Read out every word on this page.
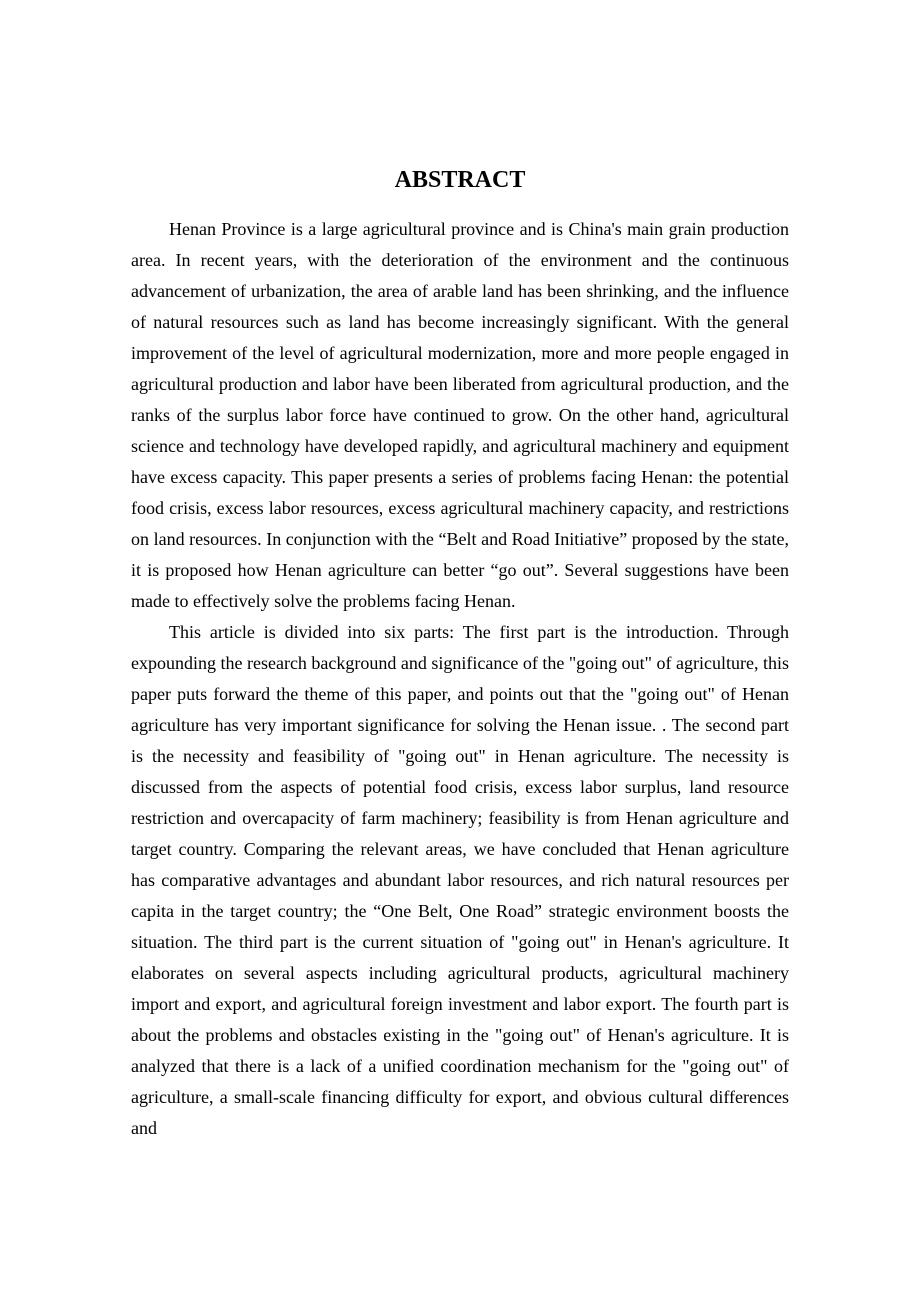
ABSTRACT

Henan Province is a large agricultural province and is China's main grain production area. In recent years, with the deterioration of the environment and the continuous advancement of urbanization, the area of arable land has been shrinking, and the influence of natural resources such as land has become increasingly significant. With the general improvement of the level of agricultural modernization, more and more people engaged in agricultural production and labor have been liberated from agricultural production, and the ranks of the surplus labor force have continued to grow. On the other hand, agricultural science and technology have developed rapidly, and agricultural machinery and equipment have excess capacity. This paper presents a series of problems facing Henan: the potential food crisis, excess labor resources, excess agricultural machinery capacity, and restrictions on land resources. In conjunction with the “Belt and Road Initiative” proposed by the state, it is proposed how Henan agriculture can better “go out”. Several suggestions have been made to effectively solve the problems facing Henan.

This article is divided into six parts: The first part is the introduction. Through expounding the research background and significance of the "going out" of agriculture, this paper puts forward the theme of this paper, and points out that the "going out" of Henan agriculture has very important significance for solving the Henan issue. . The second part is the necessity and feasibility of "going out" in Henan agriculture. The necessity is discussed from the aspects of potential food crisis, excess labor surplus, land resource restriction and overcapacity of farm machinery; feasibility is from Henan agriculture and target country. Comparing the relevant areas, we have concluded that Henan agriculture has comparative advantages and abundant labor resources, and rich natural resources per capita in the target country; the “One Belt, One Road” strategic environment boosts the situation. The third part is the current situation of "going out" in Henan's agriculture. It elaborates on several aspects including agricultural products, agricultural machinery import and export, and agricultural foreign investment and labor export. The fourth part is about the problems and obstacles existing in the "going out" of Henan's agriculture. It is analyzed that there is a lack of a unified coordination mechanism for the "going out" of agriculture, a small-scale financing difficulty for export, and obvious cultural differences and
